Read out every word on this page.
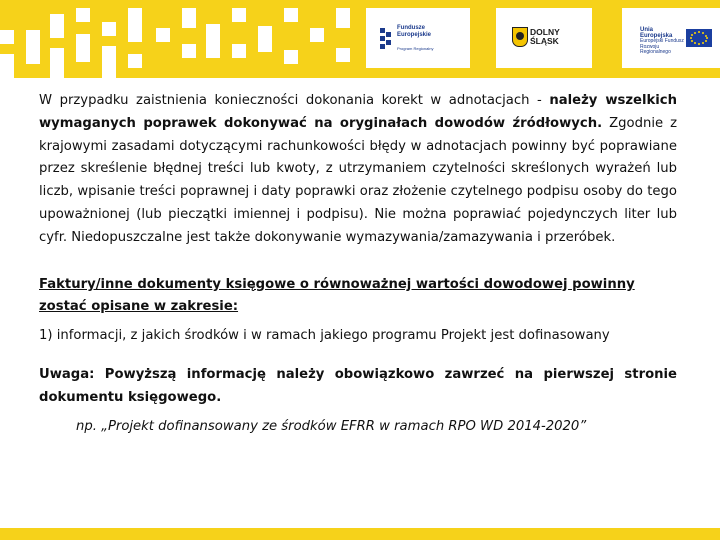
Fundusze
Europejskie
Program Regionalny
DOLNY
ŚLĄSK
Unia Europejska
Europejski Fundusz Rozwoju Regionalnego

W przypadku zaistnienia konieczności dokonania korekt w adnotacjach - należy wszelkich wymaganych poprawek dokonywać na oryginałach dowodów źródłowych. Zgodnie z krajowymi zasadami dotyczącymi rachunkowości błędy w adnotacjach powinny być poprawiane przez skreślenie błędnej treści lub kwoty, z utrzymaniem czytelności skreślonych wyrażeń lub liczb, wpisanie treści poprawnej i daty poprawki oraz złożenie czytelnego podpisu osoby do tego upoważnionej (lub pieczątki imiennej i podpisu). Nie można poprawiać pojedynczych liter lub cyfr. Niedopuszczalne jest także dokonywanie wymazywania/zamazywania i przeróbek.

Faktury/inne dokumenty księgowe o równoważnej wartości dowodowej powinny zostać opisane w zakresie:

1) informacji, z jakich środków i w ramach jakiego programu Projekt jest dofinasowany

Uwaga: Powyższą informację należy obowiązkowo zawrzeć na pierwszej stronie dokumentu księgowego.

np. „Projekt dofinansowany ze środków EFRR w ramach RPO WD 2014-2020”
